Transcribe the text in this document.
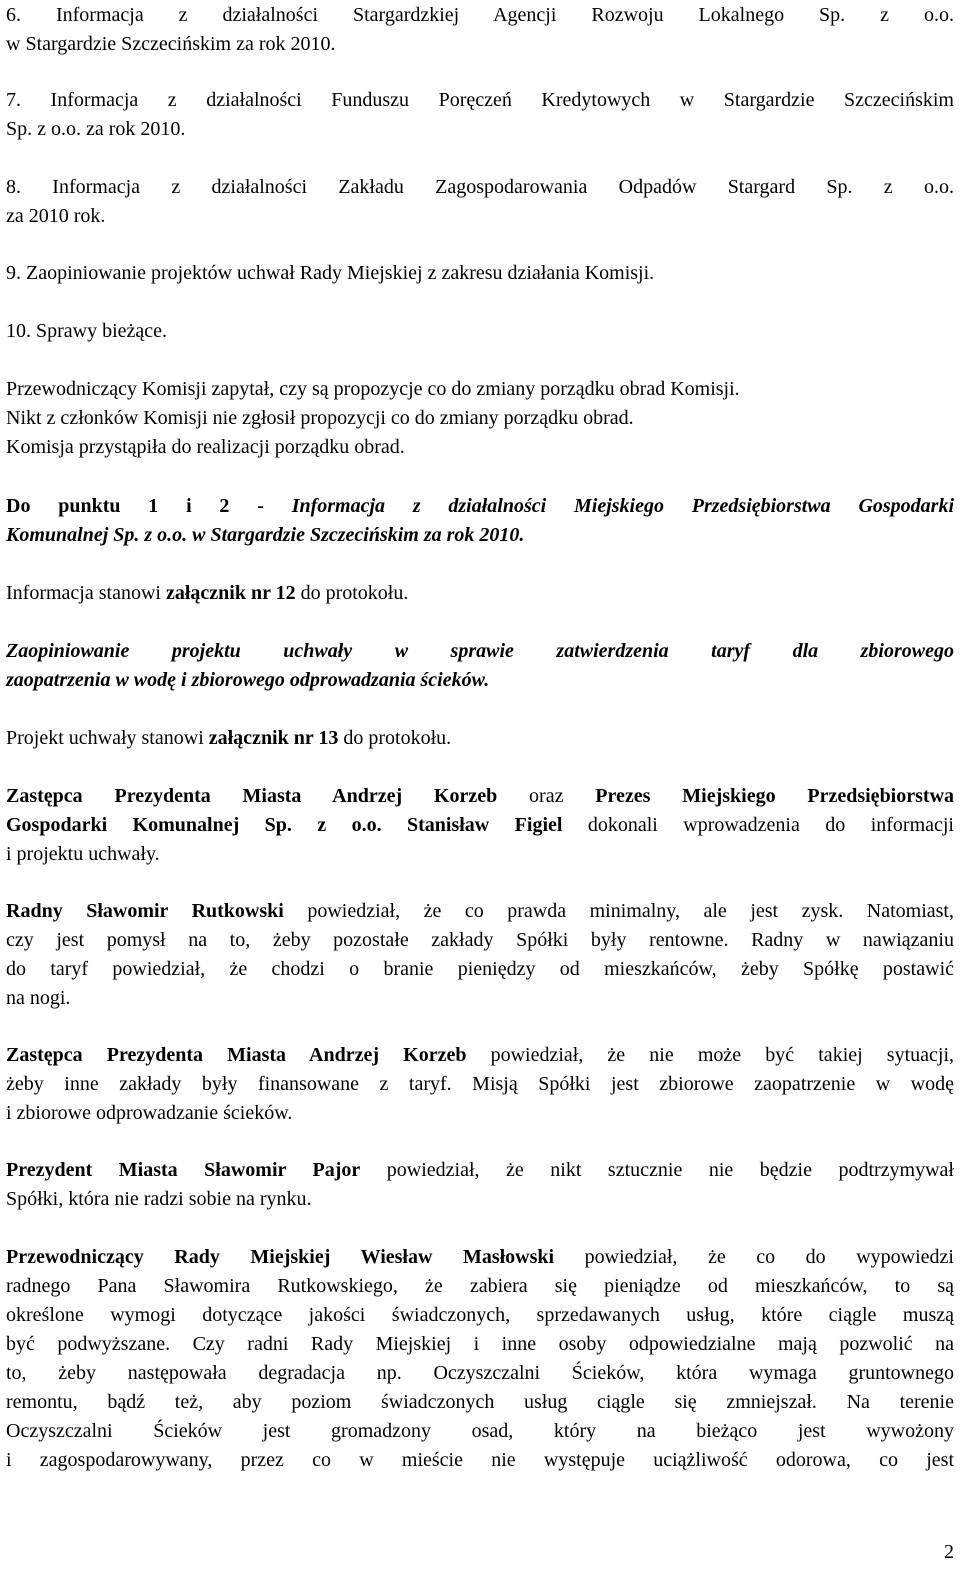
6. Informacja z działalności Stargardzkiej Agencji Rozwoju Lokalnego Sp. z o.o.
w Stargardzie Szczecińskim za rok 2010.
7. Informacja z działalności Funduszu Poręczeń Kredytowych w Stargardzie Szczecińskim
Sp. z o.o. za rok 2010.
8. Informacja z działalności Zakładu Zagospodarowania Odpadów Stargard Sp. z o.o.
za 2010 rok.
9. Zaopiniowanie projektów uchwał Rady Miejskiej z zakresu działania Komisji.
10. Sprawy bieżące.
Przewodniczący Komisji zapytał, czy są propozycje co do zmiany porządku obrad Komisji.
Nikt z członków Komisji nie zgłosił propozycji co do zmiany porządku obrad.
Komisja przystąpiła do realizacji porządku obrad.
Do punktu 1 i 2 - Informacja z działalności Miejskiego Przedsiębiorstwa Gospodarki
Komunalnej Sp. z o.o. w Stargardzie Szczecińskim za rok 2010.
Informacja stanowi załącznik nr 12 do protokołu.
Zaopiniowanie projektu uchwały w sprawie zatwierdzenia taryf dla zbiorowego
zaopatrzenia w wodę i zbiorowego odprowadzania ścieków.
Projekt uchwały stanowi załącznik nr 13 do protokołu.
Zastępca Prezydenta Miasta Andrzej Korzeb oraz Prezes Miejskiego Przedsiębiorstwa
Gospodarki Komunalnej Sp. z o.o. Stanisław Figiel dokonali wprowadzenia do informacji
i projektu uchwały.
Radny Sławomir Rutkowski powiedział, że co prawda minimalny, ale jest zysk. Natomiast,
czy jest pomysł na to, żeby pozostałe zakłady Spółki były rentowne. Radny w nawiązaniu
do taryf powiedział, że chodzi o branie pieniędzy od mieszkańców, żeby Spółkę postawić
na nogi.
Zastępca Prezydenta Miasta Andrzej Korzeb powiedział, że nie może być takiej sytuacji,
żeby inne zakłady były finansowane z taryf. Misją Spółki jest zbiorowe zaopatrzenie w wodę
i zbiorowe odprowadzanie ścieków.
Prezydent Miasta Sławomir Pajor powiedział, że nikt sztucznie nie będzie podtrzymywał
Spółki, która nie radzi sobie na rynku.
Przewodniczący Rady Miejskiej Wiesław Masłowski powiedział, że co do wypowiedzi
radnego Pana Sławomira Rutkowskiego, że zabiera się pieniądze od mieszkańców, to są
określone wymogi dotyczące jakości świadczonych, sprzedawanych usług, które ciągle muszą
być podwyższane. Czy radni Rady Miejskiej i inne osoby odpowiedzialne mają pozwolić na
to, żeby następowała degradacja np. Oczyszczalni Ścieków, która wymaga gruntownego
remontu, bądź też, aby poziom świadczonych usług ciągle się zmniejszał. Na terenie
Oczyszczalni Ścieków jest gromadzony osad, który na bieżąco jest wywożony
i zagospodarowywany, przez co w mieście nie występuje uciążliwość odorowa, co jest
2
